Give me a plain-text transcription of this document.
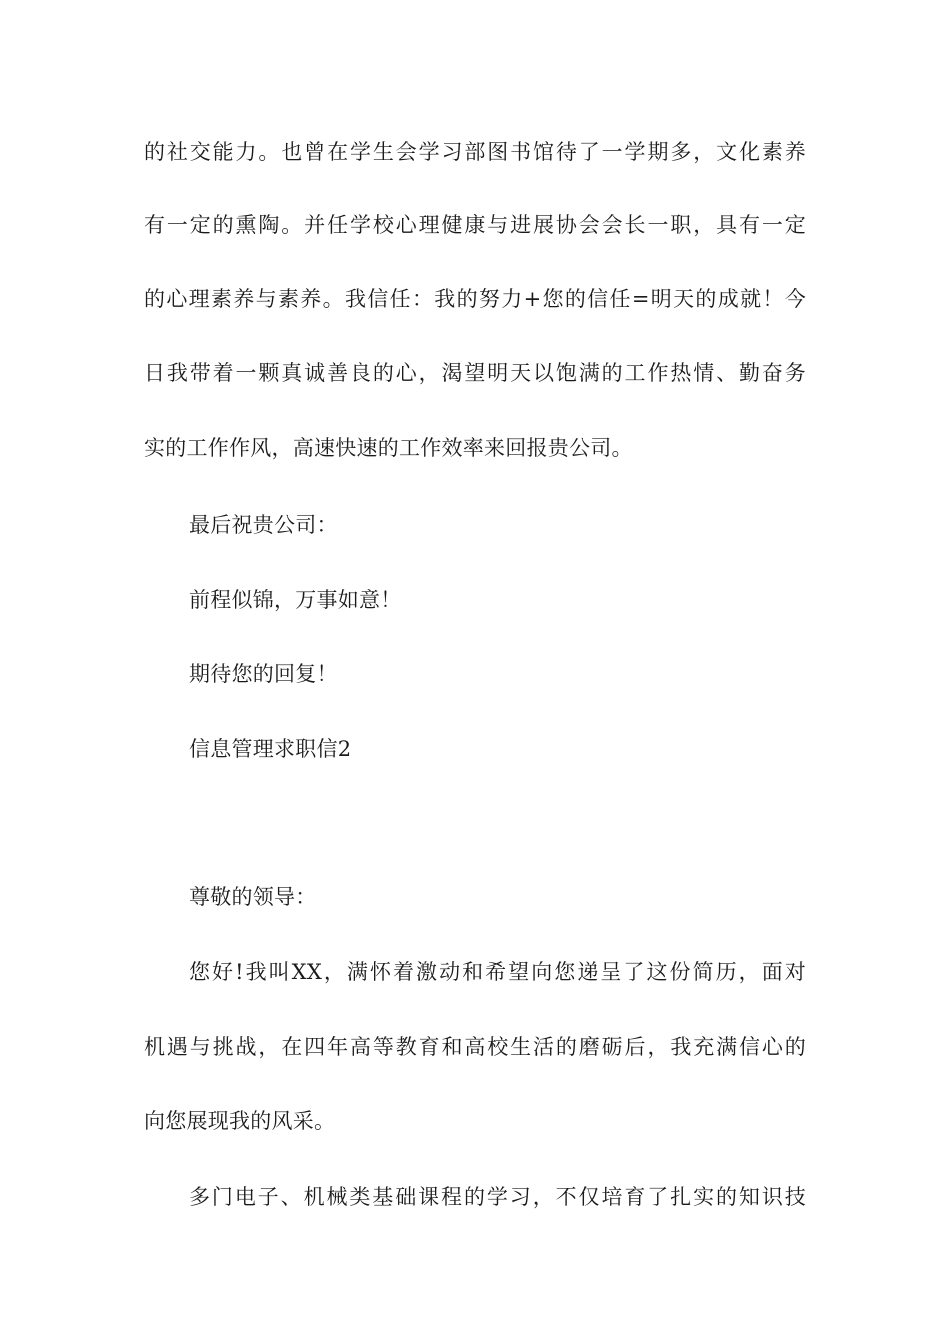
的社交能力。也曾在学生会学习部图书馆待了一学期多，文化素养
有一定的熏陶。并任学校心理健康与进展协会会长一职，具有一定
的心理素养与素养。我信任：我的努力+您的信任=明天的成就！今
日我带着一颗真诚善良的心，渴望明天以饱满的工作热情、勤奋务
实的工作作风，高速快速的工作效率来回报贵公司。
最后祝贵公司：
前程似锦，万事如意！
期待您的回复！
信息管理求职信2
尊敬的领导：
您好!我叫XX，满怀着激动和希望向您递呈了这份简历，面对
机遇与挑战，在四年高等教育和高校生活的磨砺后，我充满信心的
向您展现我的风采。
多门电子、机械类基础课程的学习，不仅培育了扎实的知识技
